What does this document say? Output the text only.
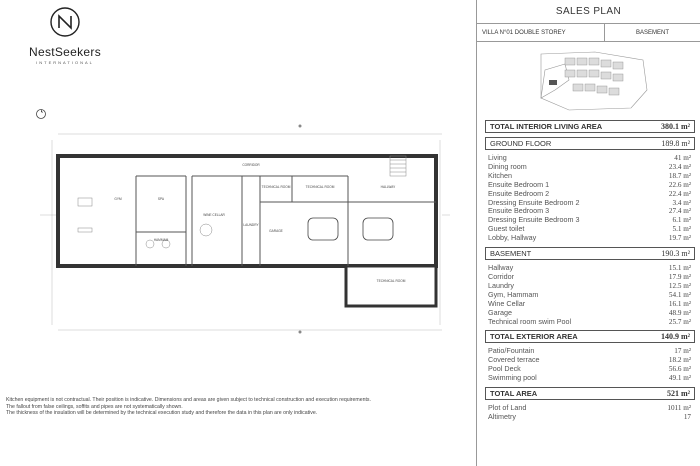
NestSeekers
INTERNATIONAL
GYM	SPA
HAMMAM
WINE CELLAR
LAUNDRY
CORRIDOR
TECHNICAL ROOM	TECHNICAL ROOM	HALLWAY
GARAGE
TECHNICAL ROOM
Kitchen equipment is not contractual. Their position is indicative. Dimensions and areas are given subject to technical construction and execution requirements.
The fallout from false ceilings, soffits and pipes are not systematically shown.
The thickness of the insulation will be determined by the technical execution study and therefore the data in this plan are only indicative.
SALES PLAN
VILLA N°01 DOUBLE STOREY	BASEMENT
TOTAL INTERIOR LIVING AREA	380.1 m²
GROUND FLOOR	189.8 m²
Living	41 m²
Dining room	23.4 m²
Kitchen	18.7 m²
Ensuite Bedroom 1	22.6 m²
Ensuite Bedroom 2	22.4 m²
Dressing Ensuite Bedroom 2	3.4 m²
Ensuite Bedroom 3	27.4 m²
Dressing Ensuite Bedroom 3	6.1 m²
Guest toilet	5.1 m²
Lobby, Hallway	19.7 m²
BASEMENT	190.3 m²
Hallway	15.1 m²
Corridor	17.9 m²
Laundry	12.5 m²
Gym, Hammam	54.1 m²
Wine Cellar	16.1 m²
Garage	48.9 m²
Technical room swim Pool	25.7 m²
TOTAL EXTERIOR AREA	140.9 m²
Patio/Fountain	17 m²
Covered terrace	18.2 m²
Pool Deck	56.6 m²
Swimming pool	49.1 m²
TOTAL AREA	521 m²
Plot of Land	1011 m²
Altimetry	17
